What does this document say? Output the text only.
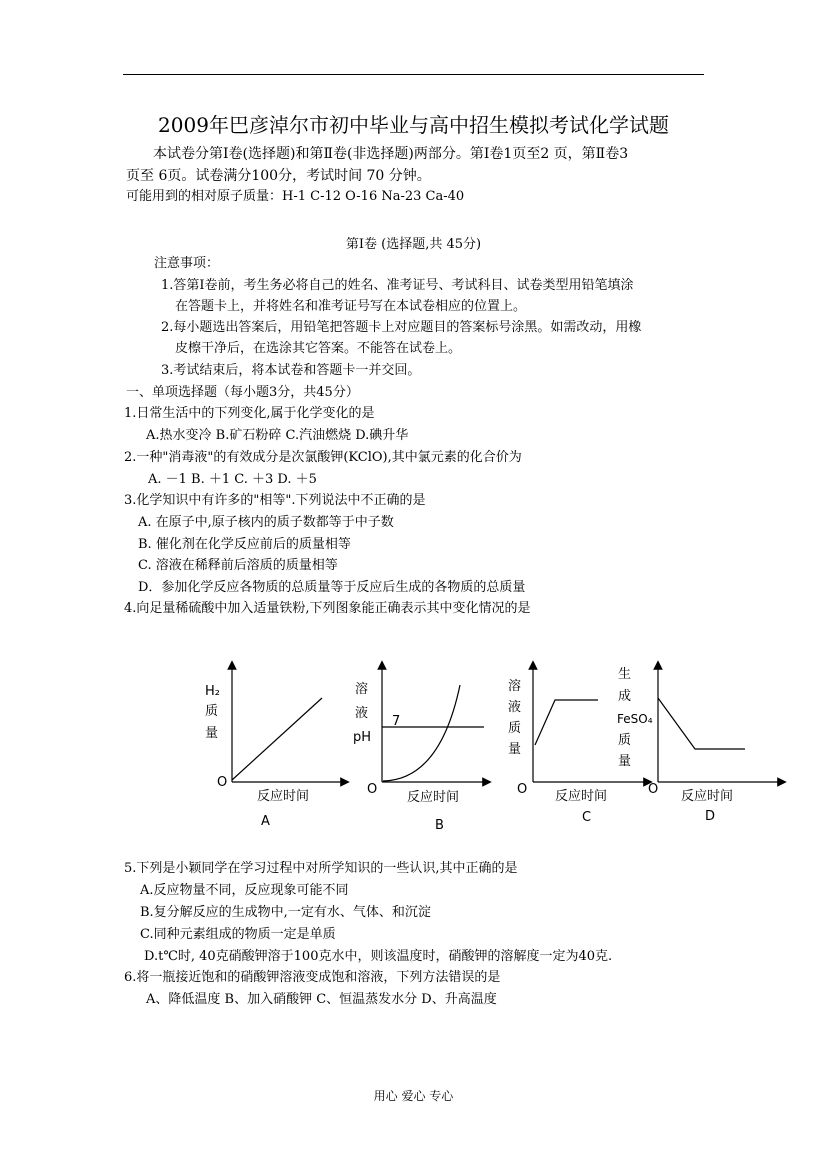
2009年巴彦淖尔市初中毕业与高中招生模拟考试化学试题
本试卷分第Ⅰ卷(选择题)和第Ⅱ卷(非选择题)两部分。第Ⅰ卷1页至2 页，第Ⅱ卷3
页至 6页。试卷满分100分，考试时间 70 分钟。
可能用到的相对原子质量：H-1 C-12 O-16 Na-23 Ca-40
第Ⅰ卷 (选择题,共 45分)
注意事项：
1.答第Ⅰ卷前，考生务必将自己的姓名、准考证号、考试科目、试卷类型用铅笔填涂
在答题卡上，并将姓名和准考证号写在本试卷相应的位置上。
2.每小题选出答案后，用铅笔把答题卡上对应题目的答案标号涂黑。如需改动，用橡
皮檫干净后，在选涂其它答案。不能答在试卷上。
3.考试结束后，将本试卷和答题卡一并交回。
一、单项选择题（每小题3分，共45分）
1.日常生活中的下列变化,属于化学变化的是
A.热水变冷 B.矿石粉碎 C.汽油燃烧 D.碘升华
2.一种"消毒液"的有效成分是次氯酸钾(KClO),其中氯元素的化合价为
A. －1 B. ＋1 C. ＋3 D. ＋5
3.化学知识中有许多的"相等".下列说法中不正确的是
A. 在原子中,原子核内的质子数都等于中子数
B. 催化剂在化学反应前后的质量相等
C. 溶液在稀释前后溶质的质量相等
D．参加化学反应各物质的总质量等于反应后生成的各物质的总质量
4.向足量稀硫酸中加入适量铁粉,下列图象能正确表示其中变化情况的是
H₂
质
量
O
反应时间
A
溶
液
pH
7
O
反应时间
B
溶
液
质
量
O 反应时间
C
生
成
FeSO₄
质
量
O 反应时间
D
5.下列是小颖同学在学习过程中对所学知识的一些认识,其中正确的是
A.反应物量不同，反应现象可能不同
B.复分解反应的生成物中,一定有水、气体、和沉淀
C.同种元素组成的物质一定是单质
D.t℃时, 40克硝酸钾溶于100克水中，则该温度时，硝酸钾的溶解度一定为40克.
6.将一瓶接近饱和的硝酸钾溶液变成饱和溶液，下列方法错误的是
A、降低温度 B、加入硝酸钾 C、恒温蒸发水分 D、升高温度
用心 爱心 专心
